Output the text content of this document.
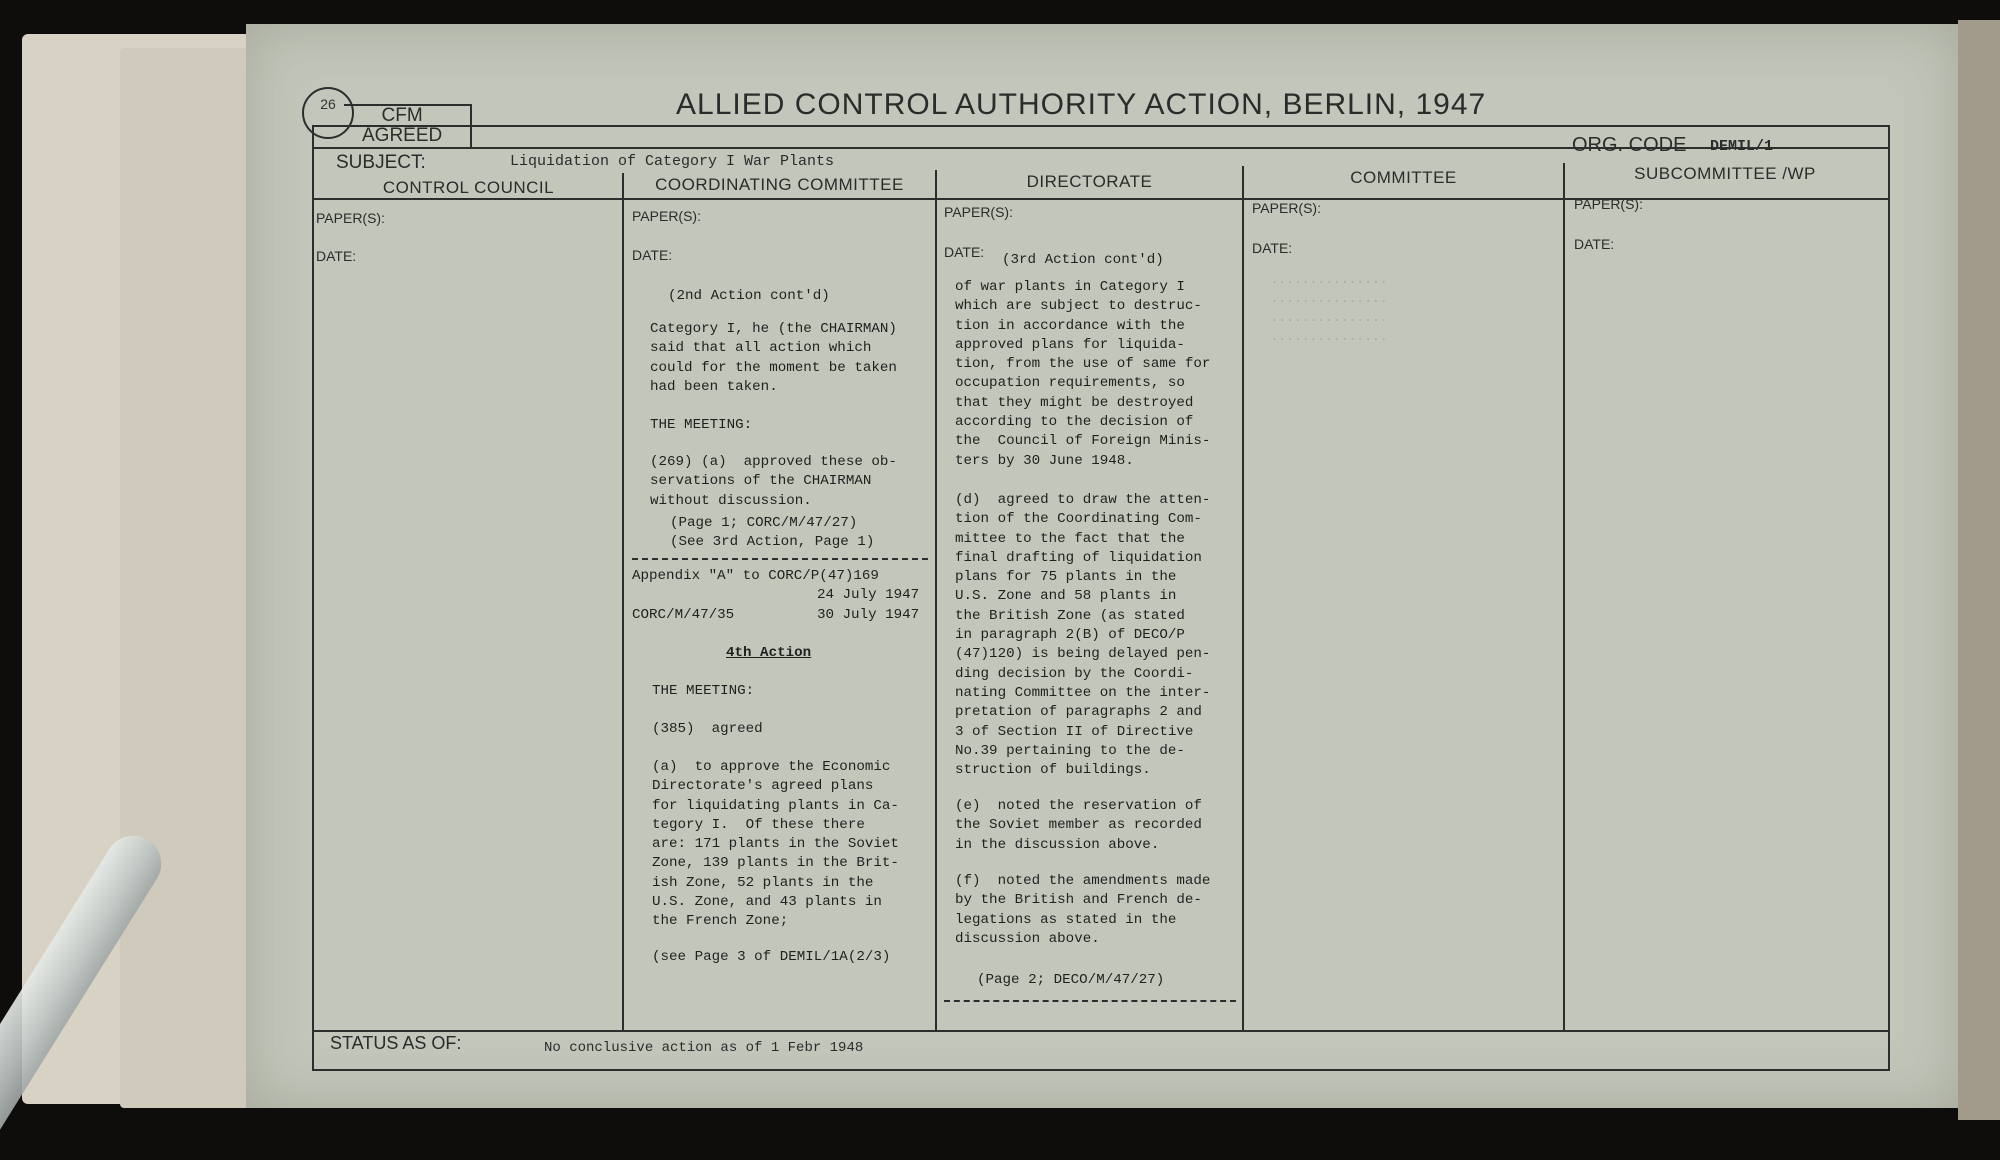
...............
...............
...............
...............
26
CFM
AGREED
ALLIED CONTROL AUTHORITY ACTION, BERLIN, 1947
SUBJECT:	Liquidation of Category I War Plants
ORG. CODE DEMIL/1
CONTROL COUNCIL	COORDINATING COMMITTEE	DIRECTORATE	COMMITTEE	SUBCOMMITTEE /WP
PAPER(S):
DATE:
PAPER(S):
DATE:
PAPER(S):
DATE:
PAPER(S):
DATE:
PAPER(S):
DATE:
(2nd Action cont'd)
Category I, he (the CHAIRMAN)
said that all action which
could for the moment be taken
had been taken.
THE MEETING:
(269) (a)  approved these ob-
servations of the CHAIRMAN
without discussion.
(Page 1; CORC/M/47/27)
(See 3rd Action, Page 1)
Appendix "A" to CORC/P(47)169
24 July 1947
CORC/M/47/35	30 July 1947
4th Action
THE MEETING:
(385)  agreed
(a)  to approve the Economic
Directorate's agreed plans
for liquidating plants in Ca-
tegory I.  Of these there
are: 171 plants in the Soviet
Zone, 139 plants in the Brit-
ish Zone, 52 plants in the
U.S. Zone, and 43 plants in
the French Zone;
(see Page 3 of DEMIL/1A(2/3)
(3rd Action cont'd)
of war plants in Category I
which are subject to destruc-
tion in accordance with the
approved plans for liquida-
tion, from the use of same for
occupation requirements, so
that they might be destroyed
according to the decision of
the  Council of Foreign Minis-
ters by 30 June 1948.
(d)  agreed to draw the atten-
tion of the Coordinating Com-
mittee to the fact that the
final drafting of liquidation
plans for 75 plants in the
U.S. Zone and 58 plants in
the British Zone (as stated
in paragraph 2(B) of DECO/P
(47)120) is being delayed pen-
ding decision by the Coordi-
nating Committee on the inter-
pretation of paragraphs 2 and
3 of Section II of Directive
No.39 pertaining to the de-
struction of buildings.
(e)  noted the reservation of
the Soviet member as recorded
in the discussion above.
(f)  noted the amendments made
by the British and French de-
legations as stated in the
discussion above.
(Page 2; DECO/M/47/27)
STATUS AS OF:	No conclusive action as of 1 Febr 1948
